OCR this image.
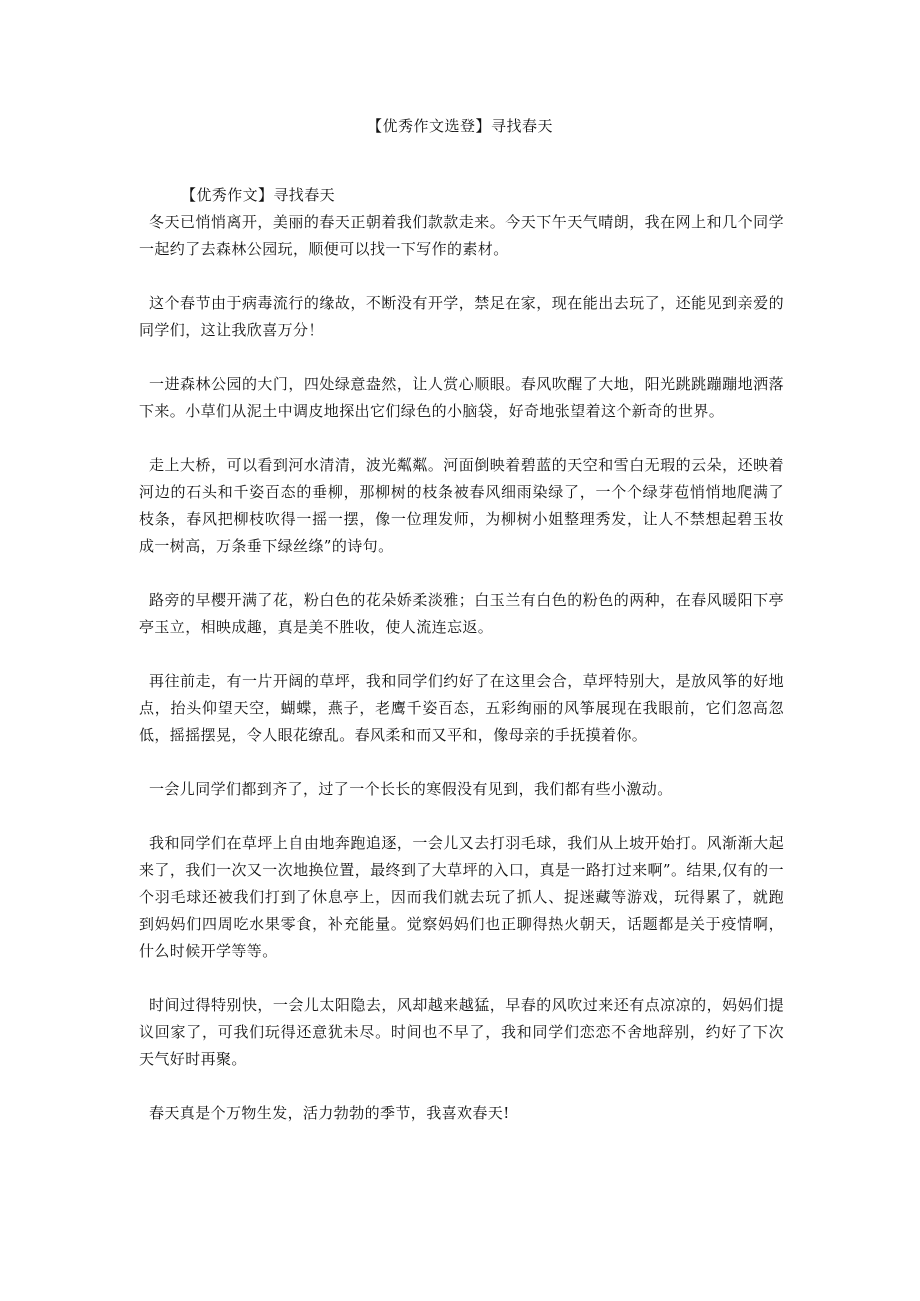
【优秀作文选登】寻找春天

【优秀作文】寻找春天

冬天已悄悄离开，美丽的春天正朝着我们款款走来。今天下午天气晴朗，我在网上和几个同学一起约了去森林公园玩，顺便可以找一下写作的素材。

这个春节由于病毒流行的缘故，不断没有开学，禁足在家，现在能出去玩了，还能见到亲爱的同学们，这让我欣喜万分！

一进森林公园的大门，四处绿意盎然，让人赏心顺眼。春风吹醒了大地，阳光跳跳蹦蹦地洒落下来。小草们从泥土中调皮地探出它们绿色的小脑袋，好奇地张望着这个新奇的世界。

走上大桥，可以看到河水清清，波光粼粼。河面倒映着碧蓝的天空和雪白无瑕的云朵，还映着河边的石头和千姿百态的垂柳，那柳树的枝条被春风细雨染绿了，一个个绿芽苞悄悄地爬满了枝条，春风把柳枝吹得一摇一摆，像一位理发师，为柳树小姐整理秀发，让人不禁想起碧玉妆成一树高，万条垂下绿丝绦”的诗句。

路旁的早樱开满了花，粉白色的花朵娇柔淡雅；白玉兰有白色的粉色的两种，在春风暖阳下亭亭玉立，相映成趣，真是美不胜收，使人流连忘返。

再往前走，有一片开阔的草坪，我和同学们约好了在这里会合，草坪特别大，是放风筝的好地点，抬头仰望天空，蝴蝶，燕子，老鹰千姿百态，五彩绚丽的风筝展现在我眼前，它们忽高忽低，摇摇摆晃，令人眼花缭乱。春风柔和而又平和，像母亲的手抚摸着你。

一会儿同学们都到齐了，过了一个长长的寒假没有见到，我们都有些小激动。

我和同学们在草坪上自由地奔跑追逐，一会儿又去打羽毛球，我们从上坡开始打。风渐渐大起来了，我们一次又一次地换位置，最终到了大草坪的入口，真是一路打过来啊”。结果,仅有的一个羽毛球还被我们打到了休息亭上，因而我们就去玩了抓人、捉迷藏等游戏，玩得累了，就跑到妈妈们四周吃水果零食，补充能量。觉察妈妈们也正聊得热火朝天，话题都是关于疫情啊，什么时候开学等等。

时间过得特别快，一会儿太阳隐去，风却越来越猛，早春的风吹过来还有点凉凉的，妈妈们提议回家了，可我们玩得还意犹未尽。时间也不早了，我和同学们恋恋不舍地辞别，约好了下次天气好时再聚。

春天真是个万物生发，活力勃勃的季节，我喜欢春天!
